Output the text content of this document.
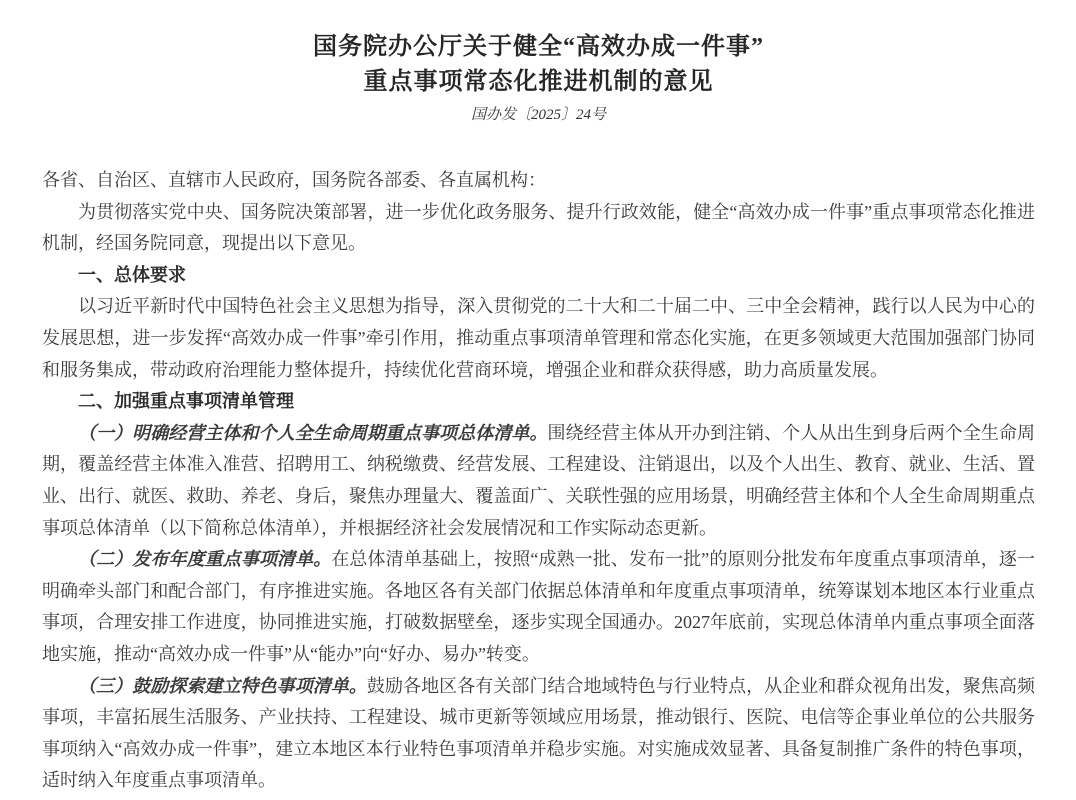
国务院办公厅关于健全“高效办成一件事”
重点事项常态化推进机制的意见
国办发〔2025〕24号

各省、自治区、直辖市人民政府，国务院各部委、各直属机构：

为贯彻落实党中央、国务院决策部署，进一步优化政务服务、提升行政效能，健全“高效办成一件事”重点事项常态化推进机制，经国务院同意，现提出以下意见。

一、总体要求

以习近平新时代中国特色社会主义思想为指导，深入贯彻党的二十大和二十届二中、三中全会精神，践行以人民为中心的发展思想，进一步发挥“高效办成一件事”牵引作用，推动重点事项清单管理和常态化实施，在更多领域更大范围加强部门协同和服务集成，带动政府治理能力整体提升，持续优化营商环境，增强企业和群众获得感，助力高质量发展。

二、加强重点事项清单管理

（一）明确经营主体和个人全生命周期重点事项总体清单。围绕经营主体从开办到注销、个人从出生到身后两个全生命周期，覆盖经营主体准入准营、招聘用工、纳税缴费、经营发展、工程建设、注销退出，以及个人出生、教育、就业、生活、置业、出行、就医、救助、养老、身后，聚焦办理量大、覆盖面广、关联性强的应用场景，明确经营主体和个人全生命周期重点事项总体清单（以下简称总体清单），并根据经济社会发展情况和工作实际动态更新。

（二）发布年度重点事项清单。在总体清单基础上，按照“成熟一批、发布一批”的原则分批发布年度重点事项清单，逐一明确牵头部门和配合部门，有序推进实施。各地区各有关部门依据总体清单和年度重点事项清单，统筹谋划本地区本行业重点事项，合理安排工作进度，协同推进实施，打破数据壁垒，逐步实现全国通办。2027年底前，实现总体清单内重点事项全面落地实施，推动“高效办成一件事”从“能办”向“好办、易办”转变。

（三）鼓励探索建立特色事项清单。鼓励各地区各有关部门结合地域特色与行业特点，从企业和群众视角出发，聚焦高频事项，丰富拓展生活服务、产业扶持、工程建设、城市更新等领域应用场景，推动银行、医院、电信等企事业单位的公共服务事项纳入“高效办成一件事”，建立本地区本行业特色事项清单并稳步实施。对实施成效显著、具备复制推广条件的特色事项，适时纳入年度重点事项清单。
